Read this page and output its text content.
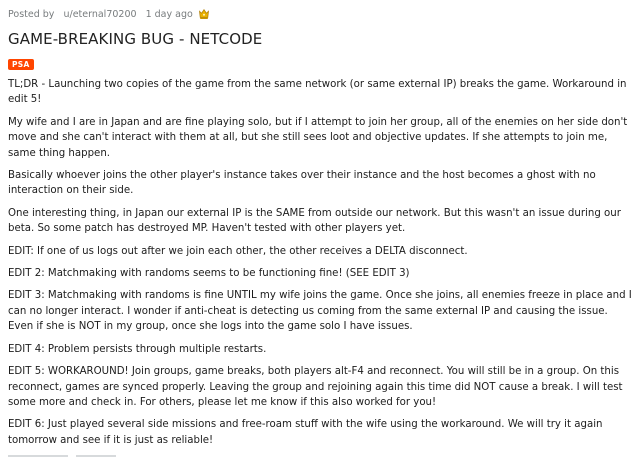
Posted by
u/eternal70200
1 day ago
GAME-BREAKING BUG - NETCODE
PSA

TL;DR - Launching two copies of the game from the same network (or same external IP) breaks the game. Workaround in edit 5!

My wife and I are in Japan and are fine playing solo, but if I attempt to join her group, all of the enemies on her side don't move and she can't interact with them at all, but she still sees loot and objective updates. If she attempts to join me, same thing happen.

Basically whoever joins the other player's instance takes over their instance and the host becomes a ghost with no interaction on their side.

One interesting thing, in Japan our external IP is the SAME from outside our network. But this wasn't an issue during our beta. So some patch has destroyed MP. Haven't tested with other players yet.

EDIT: If one of us logs out after we join each other, the other receives a DELTA disconnect.

EDIT 2: Matchmaking with randoms seems to be functioning fine! (SEE EDIT 3)

EDIT 3: Matchmaking with randoms is fine UNTIL my wife joins the game. Once she joins, all enemies freeze in place and I can no longer interact. I wonder if anti-cheat is detecting us coming from the same external IP and causing the issue. Even if she is NOT in my group, once she logs into the game solo I have issues.

EDIT 4: Problem persists through multiple restarts.

EDIT 5: WORKAROUND! Join groups, game breaks, both players alt-F4 and reconnect. You will still be in a group. On this reconnect, games are synced properly. Leaving the group and rejoining again this time did NOT cause a break. I will test some more and check in. For others, please let me know if this also worked for you!

EDIT 6: Just played several side missions and free-roam stuff with the wife using the workaround. We will try it again tomorrow and see if it is just as reliable!
